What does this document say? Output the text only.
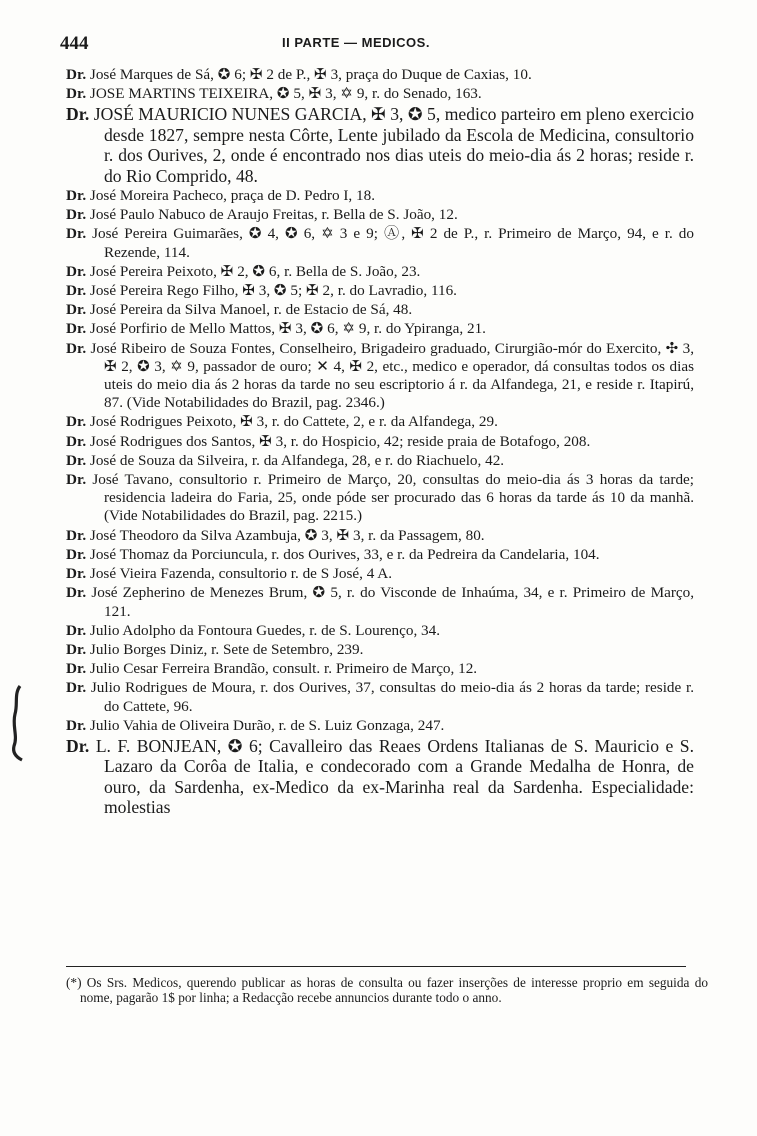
444	II PARTE — MEDICOS.

Dr. José Marques de Sá, ✪ 6; ✠ 2 de P., ✠ 3, praça do Duque de Caxias, 10.

Dr. JOSE MARTINS TEIXEIRA, ✪ 5, ✠ 3, ✡ 9, r. do Senado, 163.

Dr. JOSÉ MAURICIO NUNES GARCIA, ✠ 3, ✪ 5, medico parteiro em pleno exercicio desde 1827, sempre nesta Côrte, Lente jubilado da Escola de Medicina, consultorio r. dos Ourives, 2, onde é encontrado nos dias uteis do meio-dia ás 2 horas; reside r. do Rio Comprido, 48.

Dr. José Moreira Pacheco, praça de D. Pedro I, 18.

Dr. José Paulo Nabuco de Araujo Freitas, r. Bella de S. João, 12.

Dr. José Pereira Guimarães, ✪ 4, ✪ 6, ✡ 3 e 9; Ⓐ, ✠ 2 de P., r. Primeiro de Março, 94, e r. do Rezende, 114.

Dr. José Pereira Peixoto, ✠ 2, ✪ 6, r. Bella de S. João, 23.

Dr. José Pereira Rego Filho, ✠ 3, ✪ 5; ✠ 2, r. do Lavradio, 116.

Dr. José Pereira da Silva Manoel, r. de Estacio de Sá, 48.

Dr. José Porfirio de Mello Mattos, ✠ 3, ✪ 6, ✡ 9, r. do Ypiranga, 21.

Dr. José Ribeiro de Souza Fontes, Conselheiro, Brigadeiro graduado, Cirurgião-mór do Exercito, ✣ 3, ✠ 2, ✪ 3, ✡ 9, passador de ouro; ✕ 4, ✠ 2, etc., medico e operador, dá consultas todos os dias uteis do meio dia ás 2 horas da tarde no seu escriptorio á r. da Alfandega, 21, e reside r. Itapirú, 87. (Vide Notabilidades do Brazil, pag. 2346.)

Dr. José Rodrigues Peixoto, ✠ 3, r. do Cattete, 2, e r. da Alfandega, 29.

Dr. José Rodrigues dos Santos, ✠ 3, r. do Hospicio, 42; reside praia de Botafogo, 208.

Dr. José de Souza da Silveira, r. da Alfandega, 28, e r. do Riachuelo, 42.

Dr. José Tavano, consultorio r. Primeiro de Março, 20, consultas do meio-dia ás 3 horas da tarde; residencia ladeira do Faria, 25, onde póde ser procurado das 6 horas da tarde ás 10 da manhã. (Vide Notabilidades do Brazil, pag. 2215.)

Dr. José Theodoro da Silva Azambuja, ✪ 3, ✠ 3, r. da Passagem, 80.

Dr. José Thomaz da Porciuncula, r. dos Ourives, 33, e r. da Pedreira da Candelaria, 104.

Dr. José Vieira Fazenda, consultorio r. de S José, 4 A.

Dr. José Zepherino de Menezes Brum, ✪ 5, r. do Visconde de Inhaúma, 34, e r. Primeiro de Março, 121.

Dr. Julio Adolpho da Fontoura Guedes, r. de S. Lourenço, 34.

Dr. Julio Borges Diniz, r. Sete de Setembro, 239.

Dr. Julio Cesar Ferreira Brandão, consult. r. Primeiro de Março, 12.

Dr. Julio Rodrigues de Moura, r. dos Ourives, 37, consultas do meio-dia ás 2 horas da tarde; reside r. do Cattete, 96.

Dr. Julio Vahia de Oliveira Durão, r. de S. Luiz Gonzaga, 247.

Dr. L. F. BONJEAN, ✪ 6; Cavalleiro das Reaes Ordens Italianas de S. Mauricio e S. Lazaro da Corôa de Italia, e condecorado com a Grande Medalha de Honra, de ouro, da Sardenha, ex-Medico da ex-Marinha real da Sardenha. Especialidade: molestias

(*) Os Srs. Medicos, querendo publicar as horas de consulta ou fazer inserções de interesse proprio em seguida do nome, pagarão 1$ por linha; a Redacção recebe annuncios durante todo o anno.
